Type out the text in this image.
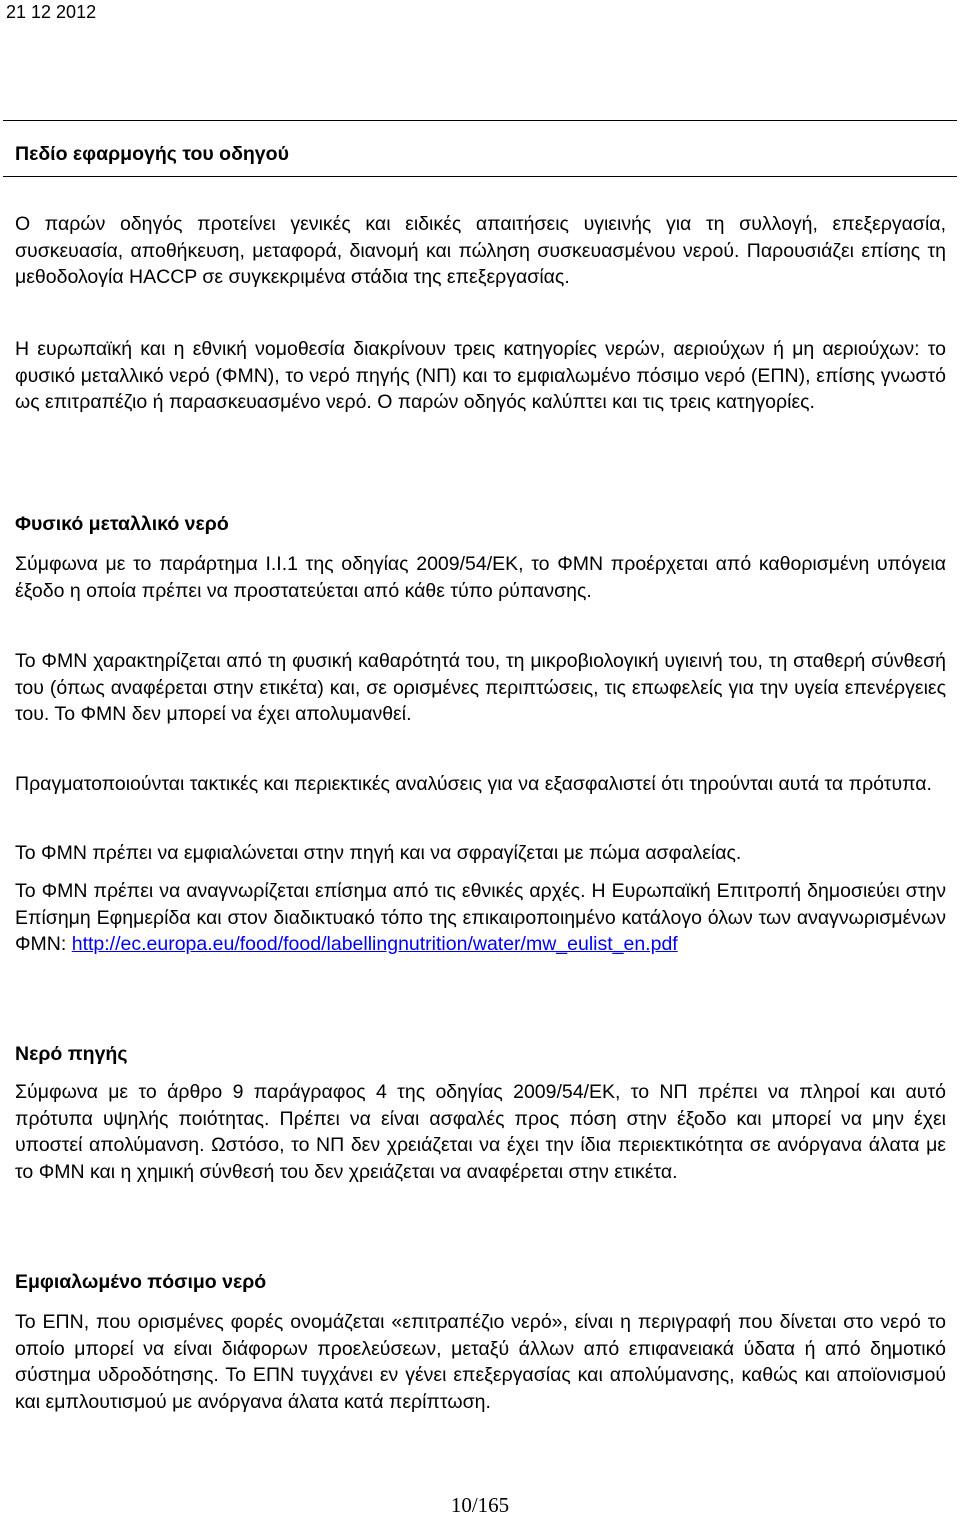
21 12 2012
Πεδίο εφαρμογής του οδηγού

Ο παρών οδηγός προτείνει γενικές και ειδικές απαιτήσεις υγιεινής για τη συλλογή, επεξεργασία, συσκευασία, αποθήκευση, μεταφορά, διανομή και πώληση συσκευασμένου νερού. Παρουσιάζει επίσης τη μεθοδολογία HACCP σε συγκεκριμένα στάδια της επεξεργασίας.

Η ευρωπαϊκή και η εθνική νομοθεσία διακρίνουν τρεις κατηγορίες νερών, αεριούχων ή μη αεριούχων: το φυσικό μεταλλικό νερό (ΦΜΝ), το νερό πηγής (ΝΠ) και το εμφιαλωμένο πόσιμο νερό (ΕΠΝ), επίσης γνωστό ως επιτραπέζιο ή παρασκευασμένο νερό. Ο παρών οδηγός καλύπτει και τις τρεις κατηγορίες.

Φυσικό μεταλλικό νερό

Σύμφωνα με το παράρτημα Ι.Ι.1 της οδηγίας 2009/54/ΕΚ, το ΦΜΝ προέρχεται από καθορισμένη υπόγεια έξοδο η οποία πρέπει να προστατεύεται από κάθε τύπο ρύπανσης.

Το ΦΜΝ χαρακτηρίζεται από τη φυσική καθαρότητά του, τη μικροβιολογική υγιεινή του, τη σταθερή σύνθεσή του (όπως αναφέρεται στην ετικέτα) και, σε ορισμένες περιπτώσεις, τις επωφελείς για την υγεία επενέργειες του. Το ΦΜΝ δεν μπορεί να έχει απολυμανθεί.

Πραγματοποιούνται τακτικές και περιεκτικές αναλύσεις για να εξασφαλιστεί ότι τηρούνται αυτά τα πρότυπα.

Το ΦΜΝ πρέπει να εμφιαλώνεται στην πηγή και να σφραγίζεται με πώμα ασφαλείας.

Το ΦΜΝ πρέπει να αναγνωρίζεται επίσημα από τις εθνικές αρχές. Η Ευρωπαϊκή Επιτροπή δημοσιεύει στην Επίσημη Εφημερίδα και στον διαδικτυακό τόπο της επικαιροποιημένο κατάλογο όλων των αναγνωρισμένων ΦΜΝ: http://ec.europa.eu/food/food/labellingnutrition/water/mw_eulist_en.pdf

Νερό πηγής

Σύμφωνα με το άρθρο 9 παράγραφος 4 της οδηγίας 2009/54/ΕΚ, το ΝΠ πρέπει να πληροί και αυτό πρότυπα υψηλής ποιότητας. Πρέπει να είναι ασφαλές προς πόση στην έξοδο και μπορεί να μην έχει υποστεί απολύμανση. Ωστόσο, το ΝΠ δεν χρειάζεται να έχει την ίδια περιεκτικότητα σε ανόργανα άλατα με το ΦΜΝ και η χημική σύνθεσή του δεν χρειάζεται να αναφέρεται στην ετικέτα.

Εμφιαλωμένο πόσιμο νερό

Το ΕΠΝ, που ορισμένες φορές ονομάζεται «επιτραπέζιο νερό», είναι η περιγραφή που δίνεται στο νερό το οποίο μπορεί να είναι διάφορων προελεύσεων, μεταξύ άλλων από επιφανειακά ύδατα ή από δημοτικό σύστημα υδροδότησης. Το ΕΠΝ τυγχάνει εν γένει επεξεργασίας και απολύμανσης, καθώς και αποϊονισμού και εμπλουτισμού με ανόργανα άλατα κατά περίπτωση.

10/165
